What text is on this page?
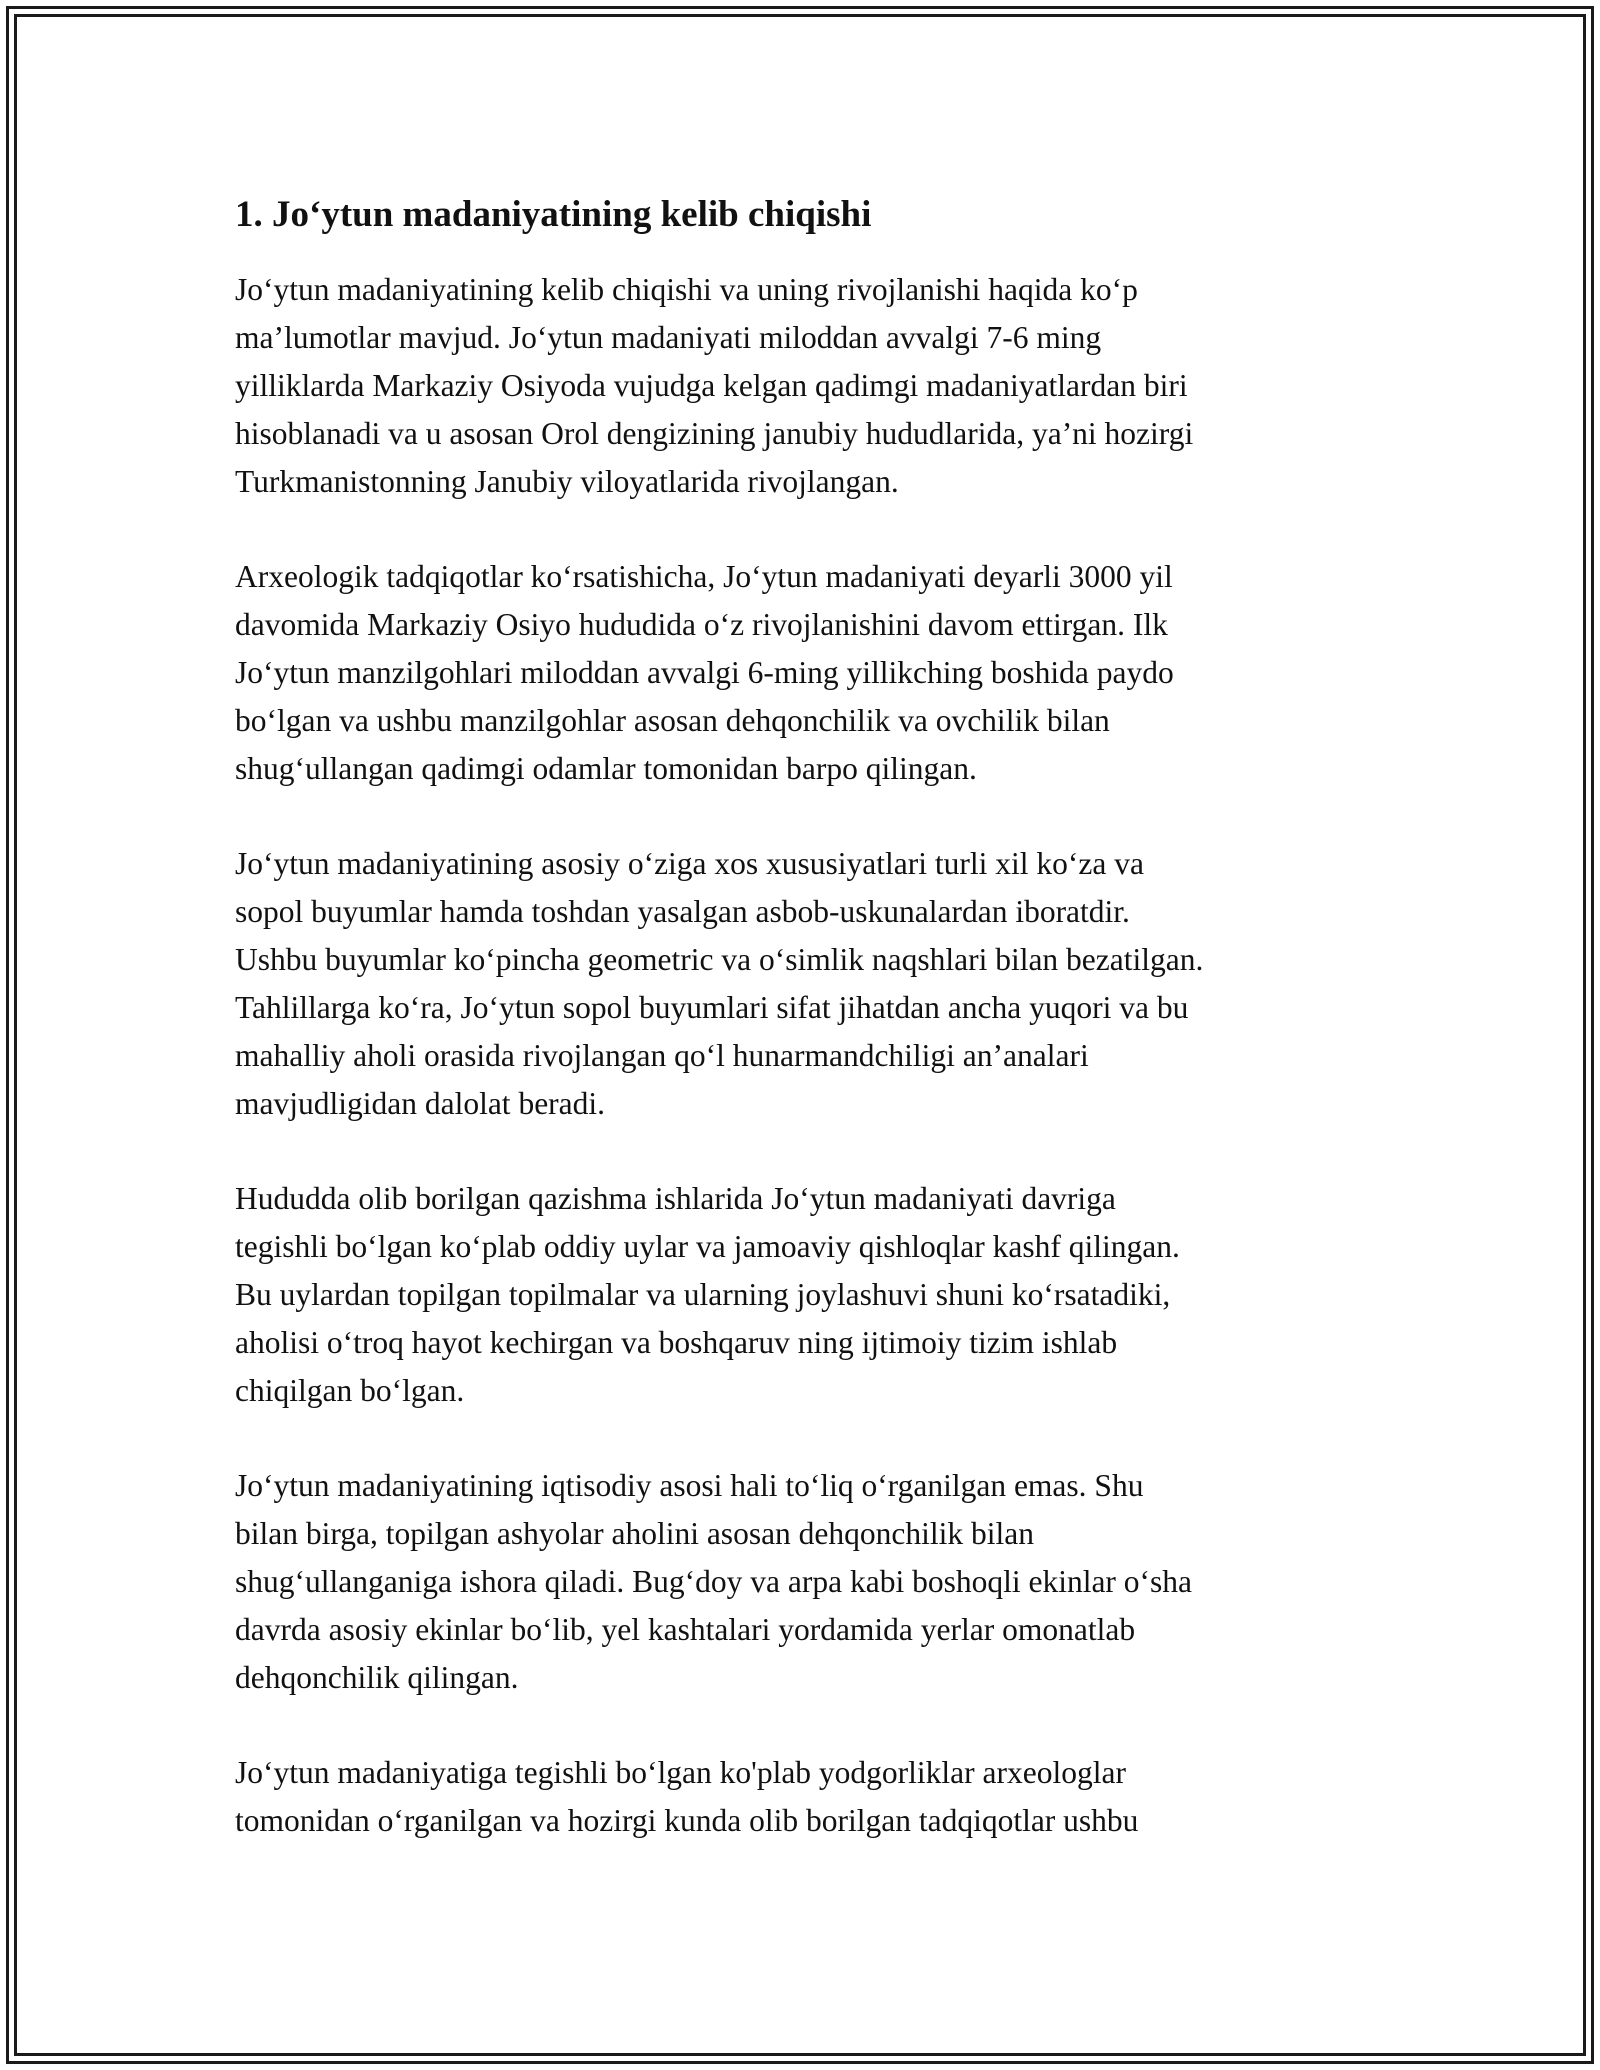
1. Jo‘ytun madaniyatining kelib chiqishi

Jo‘ytun madaniyatining kelib chiqishi va uning rivojlanishi haqida ko‘p
ma’lumotlar mavjud. Jo‘ytun madaniyati miloddan avvalgi 7-6 ming
yilliklarda Markaziy Osiyoda vujudga kelgan qadimgi madaniyatlardan biri
hisoblanadi va u asosan Orol dengizining janubiy hududlarida, ya’ni hozirgi
Turkmanistonning Janubiy viloyatlarida rivojlangan.

Arxeologik tadqiqotlar ko‘rsatishicha, Jo‘ytun madaniyati deyarli 3000 yil
davomida Markaziy Osiyo hududida o‘z rivojlanishini davom ettirgan. Ilk
Jo‘ytun manzilgohlari miloddan avvalgi 6-ming yillikching boshida paydo
bo‘lgan va ushbu manzilgohlar asosan dehqonchilik va ovchilik bilan
shug‘ullangan qadimgi odamlar tomonidan barpo qilingan.

Jo‘ytun madaniyatining asosiy o‘ziga xos xususiyatlari turli xil ko‘za va
sopol buyumlar hamda toshdan yasalgan asbob-uskunalardan iboratdir.
Ushbu buyumlar ko‘pincha geometric va o‘simlik naqshlari bilan bezatilgan.
Tahlillarga ko‘ra, Jo‘ytun sopol buyumlari sifat jihatdan ancha yuqori va bu
mahalliy aholi orasida rivojlangan qo‘l hunarmandchiligi an’analari
mavjudligidan dalolat beradi.

Hududda olib borilgan qazishma ishlarida Jo‘ytun madaniyati davriga
tegishli bo‘lgan ko‘plab oddiy uylar va jamoaviy qishloqlar kashf qilingan.
Bu uylardan topilgan topilmalar va ularning joylashuvi shuni ko‘rsatadiki,
aholisi o‘troq hayot kechirgan va boshqaruv ning ijtimoiy tizim ishlab
chiqilgan bo‘lgan.

Jo‘ytun madaniyatining iqtisodiy asosi hali to‘liq o‘rganilgan emas. Shu
bilan birga, topilgan ashyolar aholini asosan dehqonchilik bilan
shug‘ullanganiga ishora qiladi. Bug‘doy va arpa kabi boshoqli ekinlar o‘sha
davrda asosiy ekinlar bo‘lib, yel kashtalari yordamida yerlar omonatlab
dehqonchilik qilingan.

Jo‘ytun madaniyatiga tegishli bo‘lgan ko'plab yodgorliklar arxeologlar
tomonidan o‘rganilgan va hozirgi kunda olib borilgan tadqiqotlar ushbu
